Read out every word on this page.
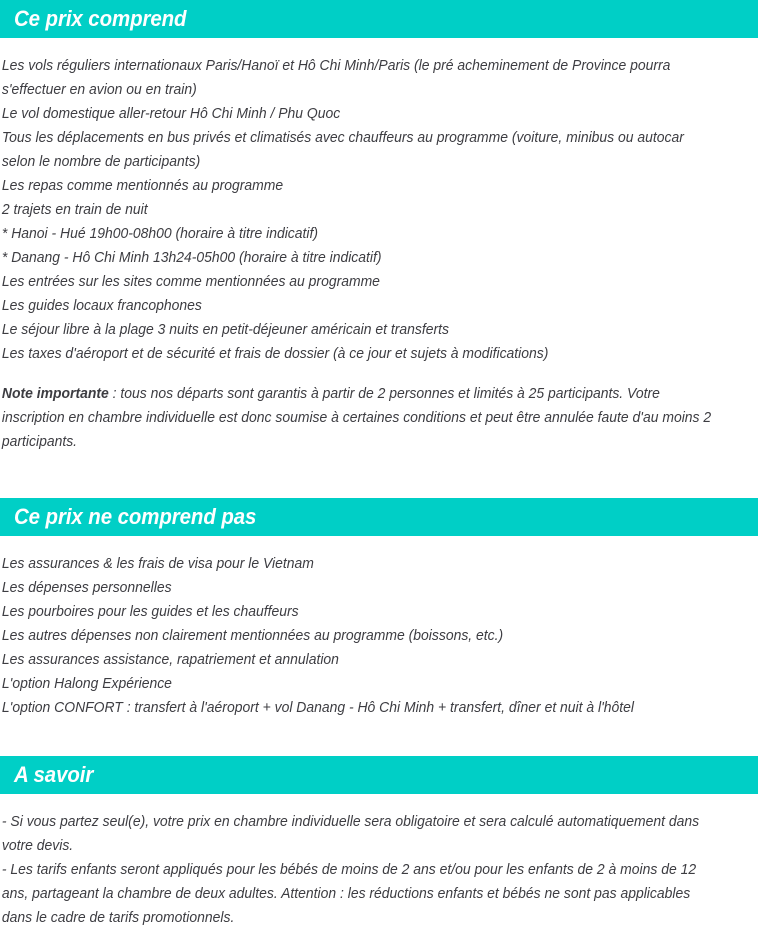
Ce prix comprend
Les vols réguliers internationaux Paris/Hanoï et Hô Chi Minh/Paris (le pré acheminement de Province pourra s'effectuer en avion ou en train)
Le vol domestique aller-retour Hô Chi Minh / Phu Quoc
Tous les déplacements en bus privés et climatisés avec chauffeurs au programme (voiture, minibus ou autocar selon le nombre de participants)
Les repas comme mentionnés au programme
2 trajets en train de nuit
* Hanoi - Hué 19h00-08h00 (horaire à titre indicatif)
* Danang - Hô Chi Minh 13h24-05h00 (horaire à titre indicatif)
Les entrées sur les sites comme mentionnées au programme
Les guides locaux francophones
Le séjour libre à la plage 3 nuits en petit-déjeuner américain et transferts
Les taxes d'aéroport et de sécurité et frais de dossier (à ce jour et sujets à modifications)
Note importante : tous nos départs sont garantis à partir de 2 personnes et limités à 25 participants. Votre inscription en chambre individuelle est donc soumise à certaines conditions et peut être annulée faute d'au moins 2 participants.
Ce prix ne comprend pas
Les assurances & les frais de visa pour le Vietnam
Les dépenses personnelles
Les pourboires pour les guides et les chauffeurs
Les autres dépenses non clairement mentionnées au programme (boissons, etc.)
Les assurances assistance, rapatriement et annulation
L'option Halong Expérience
L'option CONFORT : transfert à l'aéroport + vol Danang - Hô Chi Minh + transfert, dîner et nuit à l'hôtel
A savoir
- Si vous partez seul(e), votre prix en chambre individuelle sera obligatoire et sera calculé automatiquement dans votre devis.
- Les tarifs enfants seront appliqués pour les bébés de moins de 2 ans et/ou pour les enfants de 2 à moins de 12 ans, partageant la chambre de deux adultes. Attention : les réductions enfants et bébés ne sont pas applicables dans le cadre de tarifs promotionnels.
